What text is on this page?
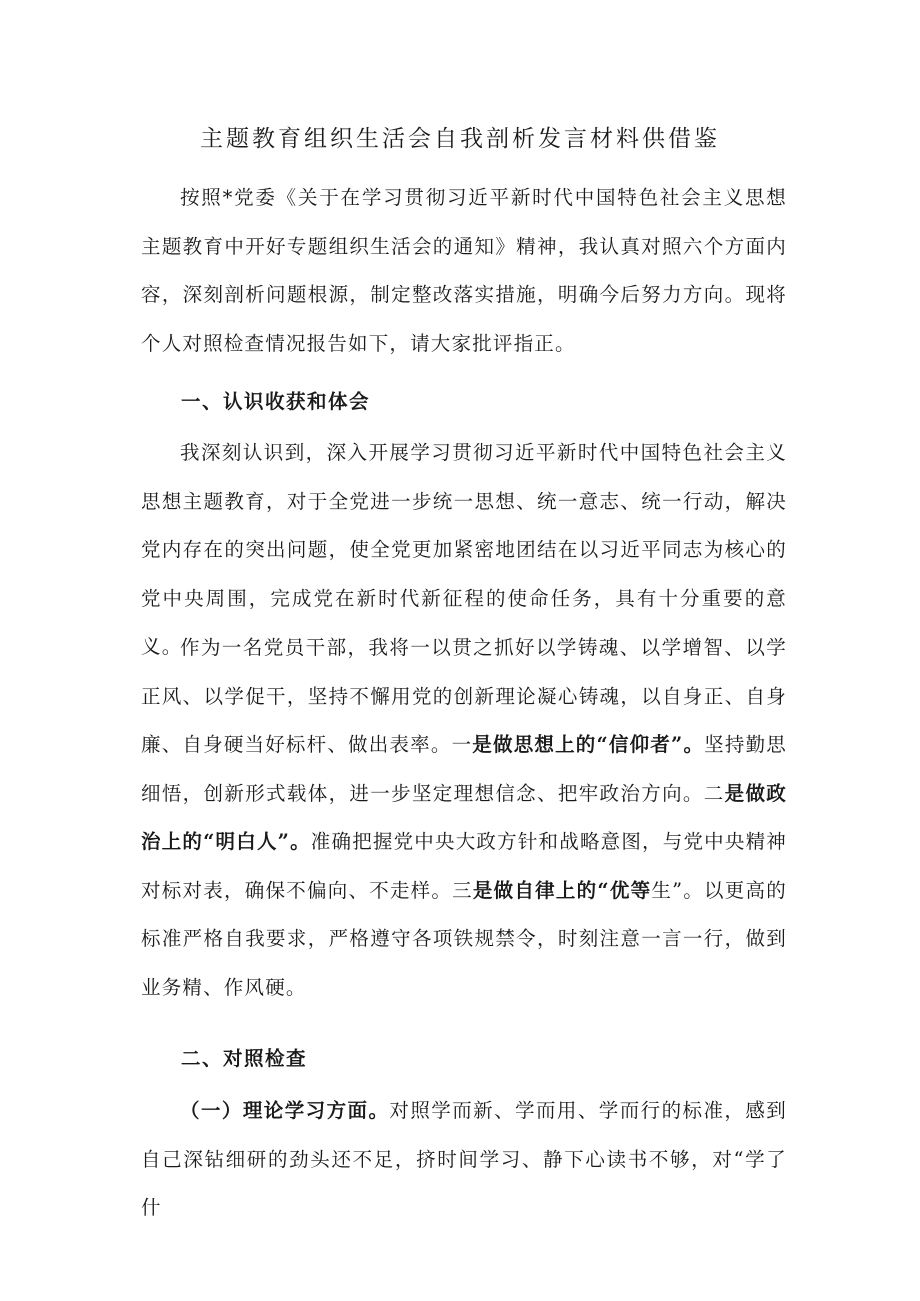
主题教育组织生活会自我剖析发言材料供借鉴

按照*党委《关于在学习贯彻习近平新时代中国特色社会主义思想主题教育中开好专题组织生活会的通知》精神，我认真对照六个方面内容，深刻剖析问题根源，制定整改落实措施，明确今后努力方向。现将个人对照检查情况报告如下，请大家批评指正。

一、认识收获和体会

我深刻认识到，深入开展学习贯彻习近平新时代中国特色社会主义思想主题教育，对于全党进一步统一思想、统一意志、统一行动，解决党内存在的突出问题，使全党更加紧密地团结在以习近平同志为核心的党中央周围，完成党在新时代新征程的使命任务，具有十分重要的意义。

作为一名党员干部，我将一以贯之抓好以学铸魂、以学增智、以学正风、以学促干，坚持不懈用党的创新理论凝心铸魂，以自身正、自身廉、自身硬当好标杆、做出表率。一是做思想上的“信仰者”。坚持勤思细悟，创新形式载体，进一步坚定理想信念、把牢政治方向。二是做政治上的“明白人”。准确把握党中央大政方针和战略意图，与党中央精神对标对表，确保不偏向、不走样。三是做自律上的“优等生”。以更高的标准严格自我要求，严格遵守各项铁规禁令，时刻注意一言一行，做到业务精、作风硬。

二、对照检查

（一）理论学习方面。对照学而新、学而用、学而行的标准，感到自己深钻细研的劲头还不足，挤时间学习、静下心读书不够，对“学了什
